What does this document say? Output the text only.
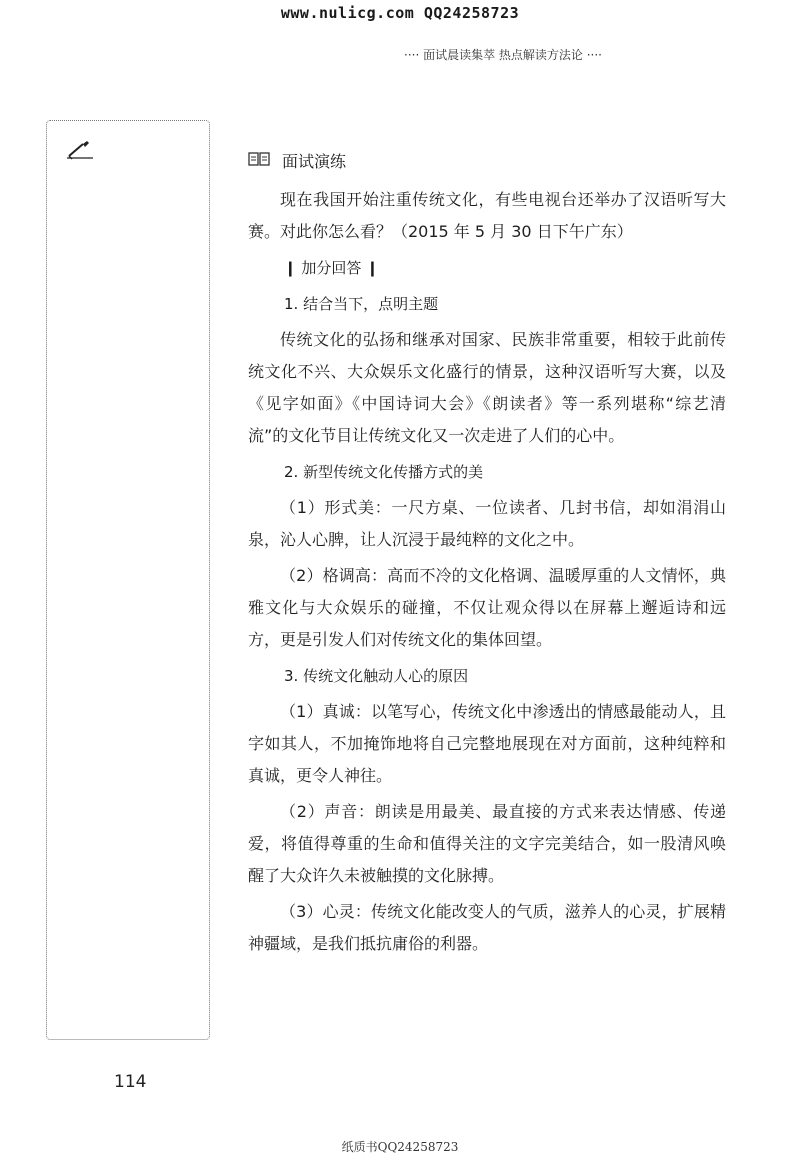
www.nulicg.com QQ24258723
···· 面试晨读集萃 热点解读方法论 ····
面试演练

现在我国开始注重传统文化，有些电视台还举办了汉语听写大赛。对此你怎么看？（2015 年 5 月 30 日下午广东）

❙ 加分回答 ❙
1. 结合当下，点明主题

传统文化的弘扬和继承对国家、民族非常重要，相较于此前传统文化不兴、大众娱乐文化盛行的情景，这种汉语听写大赛，以及《见字如面》《中国诗词大会》《朗读者》等一系列堪称“综艺清流”的文化节目让传统文化又一次走进了人们的心中。

2. 新型传统文化传播方式的美

（1）形式美：一尺方桌、一位读者、几封书信，却如涓涓山泉，沁人心脾，让人沉浸于最纯粹的文化之中。

（2）格调高：高而不冷的文化格调、温暖厚重的人文情怀，典雅文化与大众娱乐的碰撞，不仅让观众得以在屏幕上邂逅诗和远方，更是引发人们对传统文化的集体回望。

3. 传统文化触动人心的原因

（1）真诚：以笔写心，传统文化中渗透出的情感最能动人，且字如其人，不加掩饰地将自己完整地展现在对方面前，这种纯粹和真诚，更令人神往。

（2）声音：朗读是用最美、最直接的方式来表达情感、传递爱，将值得尊重的生命和值得关注的文字完美结合，如一股清风唤醒了大众许久未被触摸的文化脉搏。

（3）心灵：传统文化能改变人的气质，滋养人的心灵，扩展精神疆域，是我们抵抗庸俗的利器。

114
纸质书QQ24258723
